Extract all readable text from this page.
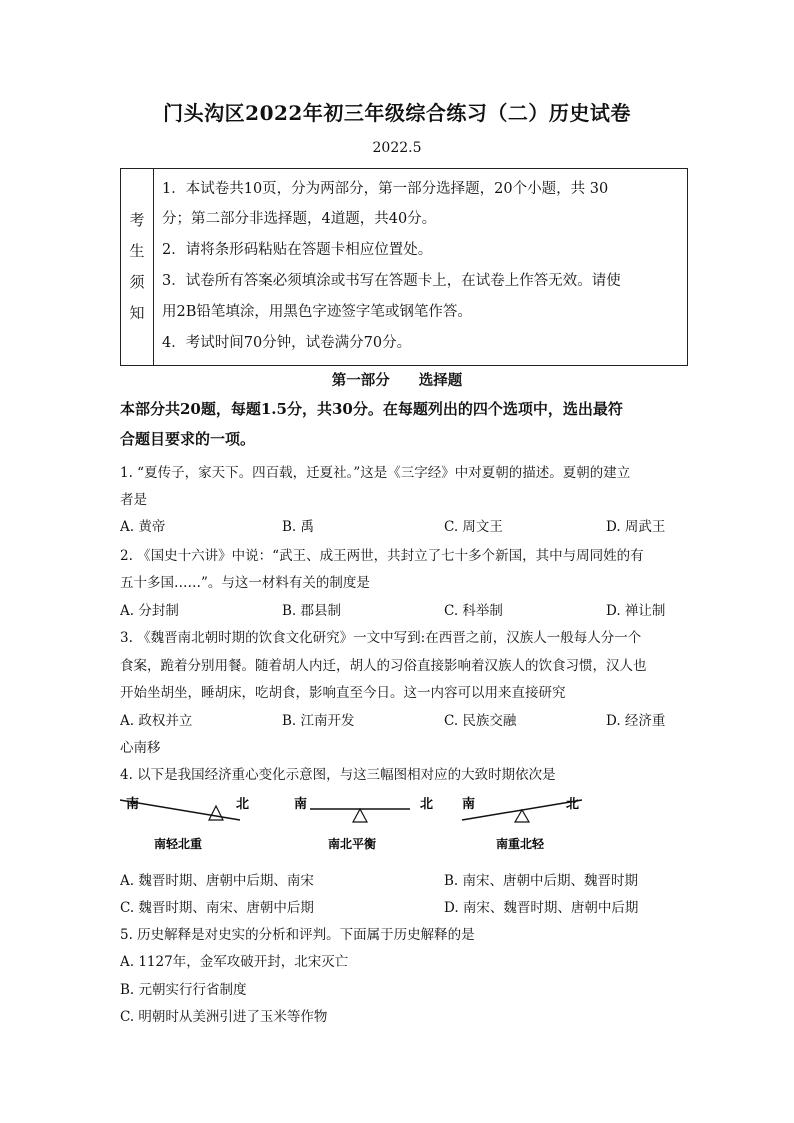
门头沟区2022年初三年级综合练习（二）历史试卷
2022.5
考
生
须
知
1．本试卷共10页，分为两部分，第一部分选择题，20个小题，共 30
分；第二部分非选择题，4道题，共40分。
2．请将条形码粘贴在答题卡相应位置处。
3．试卷所有答案必须填涂或书写在答题卡上，在试卷上作答无效。请使
用2B铅笔填涂，用黑色字迹签字笔或钢笔作答。
4．考试时间70分钟，试卷满分70分。
第一部分　　选择题
本部分共20题，每题1.5分，共30分。在每题列出的四个选项中，选出最符
合题目要求的一项。
1. “夏传子，家天下。四百载，迁夏社。”这是《三字经》中对夏朝的描述。夏朝的建立
者是
A. 黄帝	B. 禹	C. 周文王	D. 周武王
2. 《国史十六讲》中说：“武王、成王两世，共封立了七十多个新国，其中与周同姓的有
五十多国……”。与这一材料有关的制度是
A. 分封制	B. 郡县制	C. 科举制	D. 禅让制
3. 《魏晋南北朝时期的饮食文化研究》一文中写到:在西晋之前，汉族人一般每人分一个
食案，跪着分别用餐。随着胡人内迁，胡人的习俗直接影响着汉族人的饮食习惯，汉人也
开始坐胡坐，睡胡床，吃胡食，影响直至今日。这一内容可以用来直接研究
A. 政权并立	B. 江南开发	C. 民族交融	D. 经济重
心南移
4. 以下是我国经济重心变化示意图，与这三幅图相对应的大致时期依次是
南	北
南轻北重
南	北
南北平衡
南	北
南重北轻
A. 魏晋时期、唐朝中后期、南宋	B. 南宋、唐朝中后期、魏晋时期
C. 魏晋时期、南宋、唐朝中后期	D. 南宋、魏晋时期、唐朝中后期
5. 历史解释是对史实的分析和评判。下面属于历史解释的是
A. 1127年，金军攻破开封，北宋灭亡
B. 元朝实行行省制度
C. 明朝时从美洲引进了玉米等作物
